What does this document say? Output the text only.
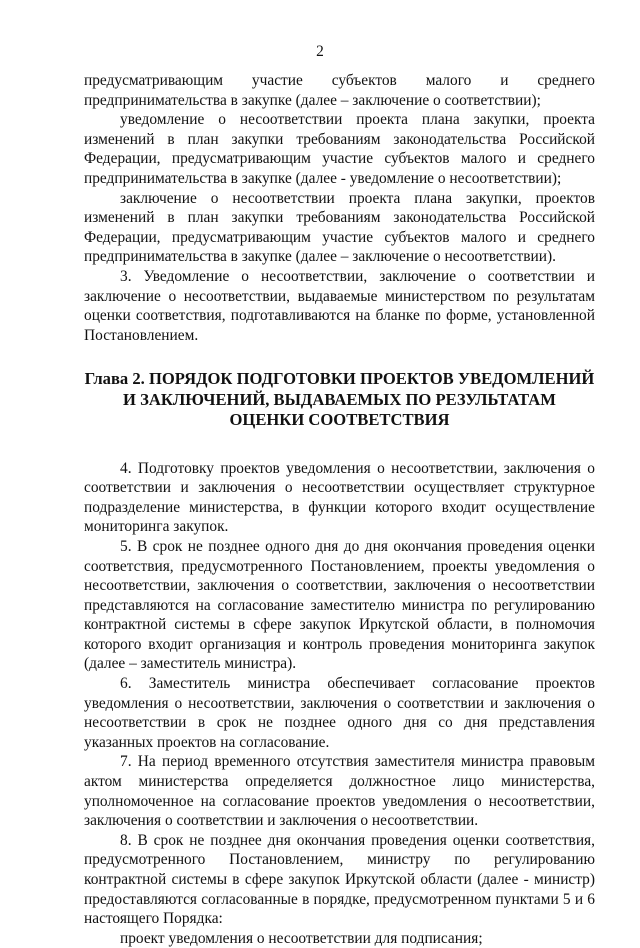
2

предусматривающим участие субъектов малого и среднего предпринимательства в закупке (далее – заключение о соответствии);

уведомление о несоответствии проекта плана закупки, проекта изменений в план закупки требованиям законодательства Российской Федерации, предусматривающим участие субъектов малого и среднего предпринимательства в закупке (далее - уведомление о несоответствии);

заключение о несоответствии проекта плана закупки, проектов изменений в план закупки требованиям законодательства Российской Федерации, предусматривающим участие субъектов малого и среднего предпринимательства в закупке (далее – заключение о несоответствии).

3. Уведомление о несоответствии, заключение о соответствии и заключение о несоответствии, выдаваемые министерством по результатам оценки соответствия, подготавливаются на бланке по форме, установленной Постановлением.

Глава 2. ПОРЯДОК ПОДГОТОВКИ ПРОЕКТОВ УВЕДОМЛЕНИЙ И ЗАКЛЮЧЕНИЙ, ВЫДАВАЕМЫХ ПО РЕЗУЛЬТАТАМ ОЦЕНКИ СООТВЕТСТВИЯ

4. Подготовку проектов уведомления о несоответствии, заключения о соответствии и заключения о несоответствии осуществляет структурное подразделение министерства, в функции которого входит осуществление мониторинга закупок.

5. В срок не позднее одного дня до дня окончания проведения оценки соответствия, предусмотренного Постановлением, проекты уведомления о несоответствии, заключения о соответствии, заключения о несоответствии представляются на согласование заместителю министра по регулированию контрактной системы в сфере закупок Иркутской области, в полномочия которого входит организация и контроль проведения мониторинга закупок (далее – заместитель министра).

6. Заместитель министра обеспечивает согласование проектов уведомления о несоответствии, заключения о соответствии и заключения о несоответствии в срок не позднее одного дня со дня представления указанных проектов на согласование.

7. На период временного отсутствия заместителя министра правовым актом министерства определяется должностное лицо министерства, уполномоченное на согласование проектов уведомления о несоответствии, заключения о соответствии и заключения о несоответствии.

8. В срок не позднее дня окончания проведения оценки соответствия, предусмотренного Постановлением, министру по регулированию контрактной системы в сфере закупок Иркутской области (далее - министр) предоставляются согласованные в порядке, предусмотренном пунктами 5 и 6 настоящего Порядка:

проект уведомления о несоответствии для подписания;
